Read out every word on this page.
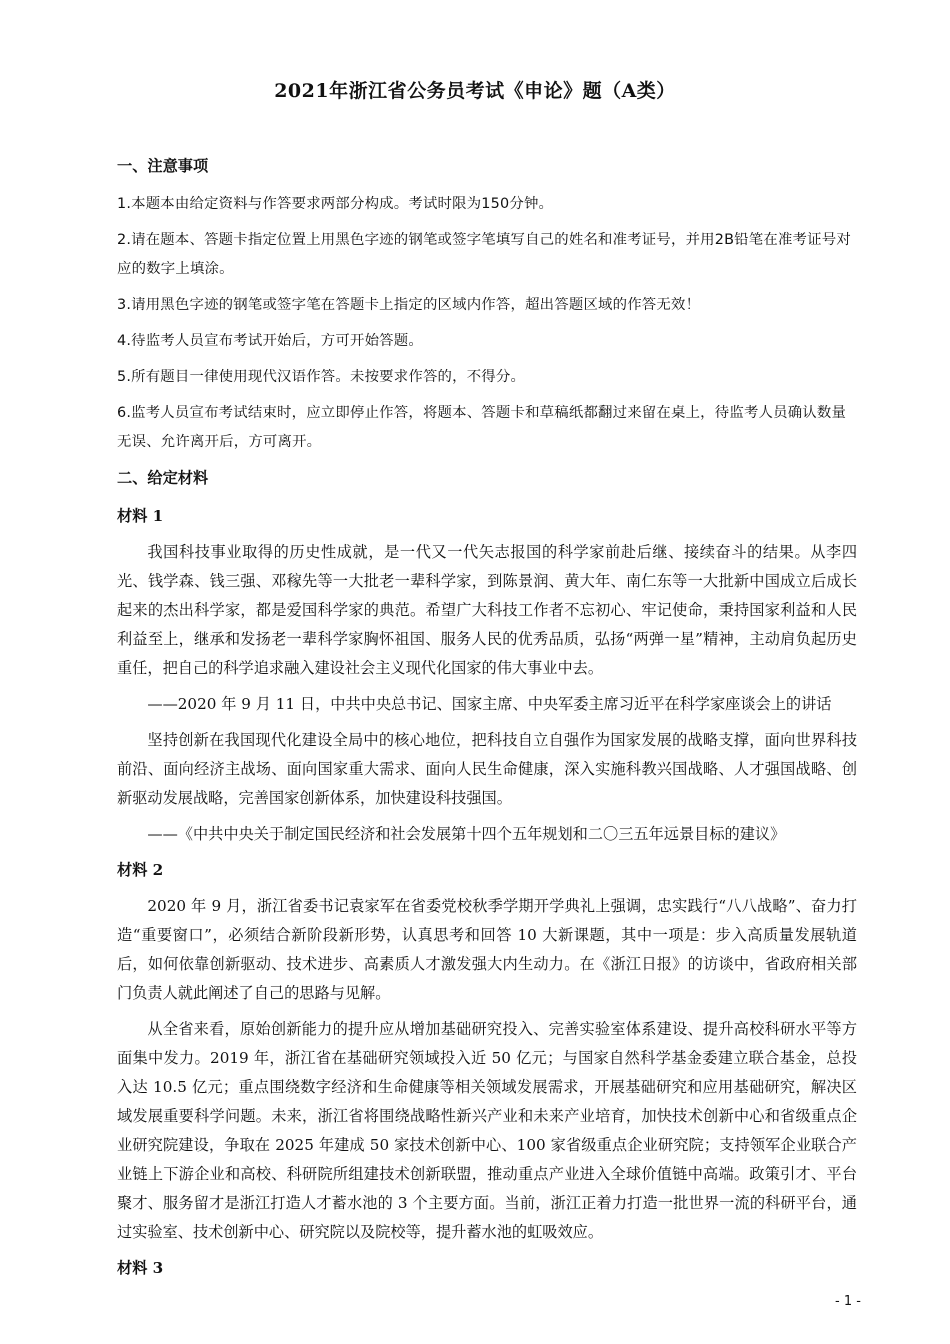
2021年浙江省公务员考试《申论》题（A类）

一、注意事项

1.本题本由给定资料与作答要求两部分构成。考试时限为150分钟。

2.请在题本、答题卡指定位置上用黑色字迹的钢笔或签字笔填写自己的姓名和准考证号，并用2B铅笔在准考证号对应的数字上填涂。

3.请用黑色字迹的钢笔或签字笔在答题卡上指定的区域内作答，超出答题区域的作答无效！

4.待监考人员宣布考试开始后，方可开始答题。

5.所有题目一律使用现代汉语作答。未按要求作答的，不得分。

6.监考人员宣布考试结束时，应立即停止作答，将题本、答题卡和草稿纸都翻过来留在桌上，待监考人员确认数量无误、允许离开后，方可离开。

二、给定材料

材料 1

我国科技事业取得的历史性成就，是一代又一代矢志报国的科学家前赴后继、接续奋斗的结果。从李四光、钱学森、钱三强、邓稼先等一大批老一辈科学家，到陈景润、黄大年、南仁东等一大批新中国成立后成长起来的杰出科学家，都是爱国科学家的典范。希望广大科技工作者不忘初心、牢记使命，秉持国家利益和人民利益至上，继承和发扬老一辈科学家胸怀祖国、服务人民的优秀品质，弘扬“两弹一星”精神，主动肩负起历史重任，把自己的科学追求融入建设社会主义现代化国家的伟大事业中去。

——2020 年 9 月 11 日，中共中央总书记、国家主席、中央军委主席习近平在科学家座谈会上的讲话

坚持创新在我国现代化建设全局中的核心地位，把科技自立自强作为国家发展的战略支撑，面向世界科技前沿、面向经济主战场、面向国家重大需求、面向人民生命健康，深入实施科教兴国战略、人才强国战略、创新驱动发展战略，完善国家创新体系，加快建设科技强国。

——《中共中央关于制定国民经济和社会发展第十四个五年规划和二〇三五年远景目标的建议》

材料 2

2020 年 9 月，浙江省委书记袁家军在省委党校秋季学期开学典礼上强调，忠实践行“八八战略”、奋力打造“重要窗口”，必须结合新阶段新形势，认真思考和回答 10 大新课题，其中一项是：步入高质量发展轨道后，如何依靠创新驱动、技术进步、高素质人才激发强大内生动力。在《浙江日报》的访谈中，省政府相关部门负责人就此阐述了自己的思路与见解。

从全省来看，原始创新能力的提升应从增加基础研究投入、完善实验室体系建设、提升高校科研水平等方面集中发力。2019 年，浙江省在基础研究领域投入近 50 亿元；与国家自然科学基金委建立联合基金，总投入达 10.5 亿元；重点围绕数字经济和生命健康等相关领域发展需求，开展基础研究和应用基础研究，解决区域发展重要科学问题。未来，浙江省将围绕战略性新兴产业和未来产业培育，加快技术创新中心和省级重点企业研究院建设，争取在 2025 年建成 50 家技术创新中心、100 家省级重点企业研究院；支持领军企业联合产业链上下游企业和高校、科研院所组建技术创新联盟，推动重点产业进入全球价值链中高端。政策引才、平台聚才、服务留才是浙江打造人才蓄水池的 3 个主要方面。当前，浙江正着力打造一批世界一流的科研平台，通过实验室、技术创新中心、研究院以及院校等，提升蓄水池的虹吸效应。

材料 3

- 1 -
